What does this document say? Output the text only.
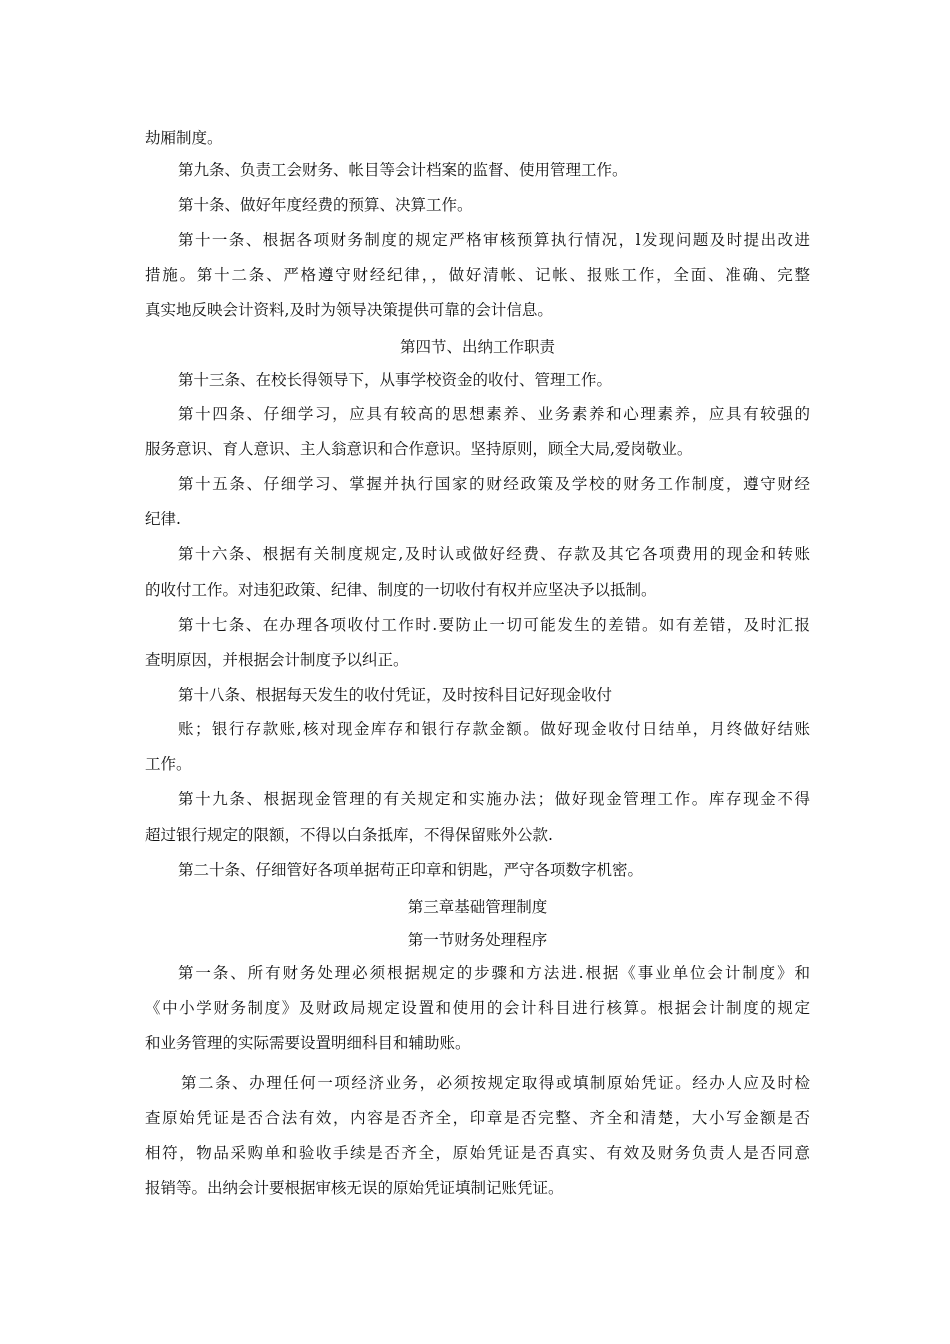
劫厢制度。
第九条、负责工会财务、帐目等会计档案的监督、使用管理工作。
第十条、做好年度经费的预算、决算工作。
第十一条、根据各项财务制度的规定严格审核预算执行情况，l发现问题及时提出改进
措施。第十二条、严格遵守财经纪律，，做好清帐、记帐、报账工作，全面、准确、完整
真实地反映会计资料,及时为领导决策提供可靠的会计信息。
第四节、出纳工作职责
第十三条、在校长得领导下，从事学校资金的收付、管理工作。
第十四条、仔细学习，应具有较高的思想素养、业务素养和心理素养，应具有较强的
服务意识、育人意识、主人翁意识和合作意识。坚持原则，顾全大局,爱岗敬业。
第十五条、仔细学习、掌握并执行国家的财经政策及学校的财务工作制度，遵守财经
纪律.
第十六条、根据有关制度规定,及时认或做好经费、存款及其它各项费用的现金和转账
的收付工作。对违犯政策、纪律、制度的一切收付有权并应坚决予以抵制。
第十七条、在办理各项收付工作时.要防止一切可能发生的差错。如有差错，及时汇报
查明原因，并根据会计制度予以纠正。
第十八条、根据每天发生的收付凭证，及时按科目记好现金收付
账；银行存款账,核对现金库存和银行存款金额。做好现金收付日结单，月终做好结账
工作。
第十九条、根据现金管理的有关规定和实施办法；做好现金管理工作。库存现金不得
超过银行规定的限额，不得以白条抵库，不得保留账外公款.
第二十条、仔细管好各项单据苟正印章和钥匙，严守各项数字机密。
第三章基础管理制度
第一节财务处理程序
第一条、所有财务处理必须根据规定的步骤和方法进.根据《事业单位会计制度》和
《中小学财务制度》及财政局规定设置和使用的会计科目进行核算。根据会计制度的规定
和业务管理的实际需要设置明细科目和辅助账。
第二条、办理任何一项经济业务，必须按规定取得或填制原始凭证。经办人应及时检
查原始凭证是否合法有效，内容是否齐全，印章是否完整、齐全和清楚，大小写金额是否
相符，物品采购单和验收手续是否齐全，原始凭证是否真实、有效及财务负责人是否同意
报销等。出纳会计要根据审核无误的原始凭证填制记账凭证。
